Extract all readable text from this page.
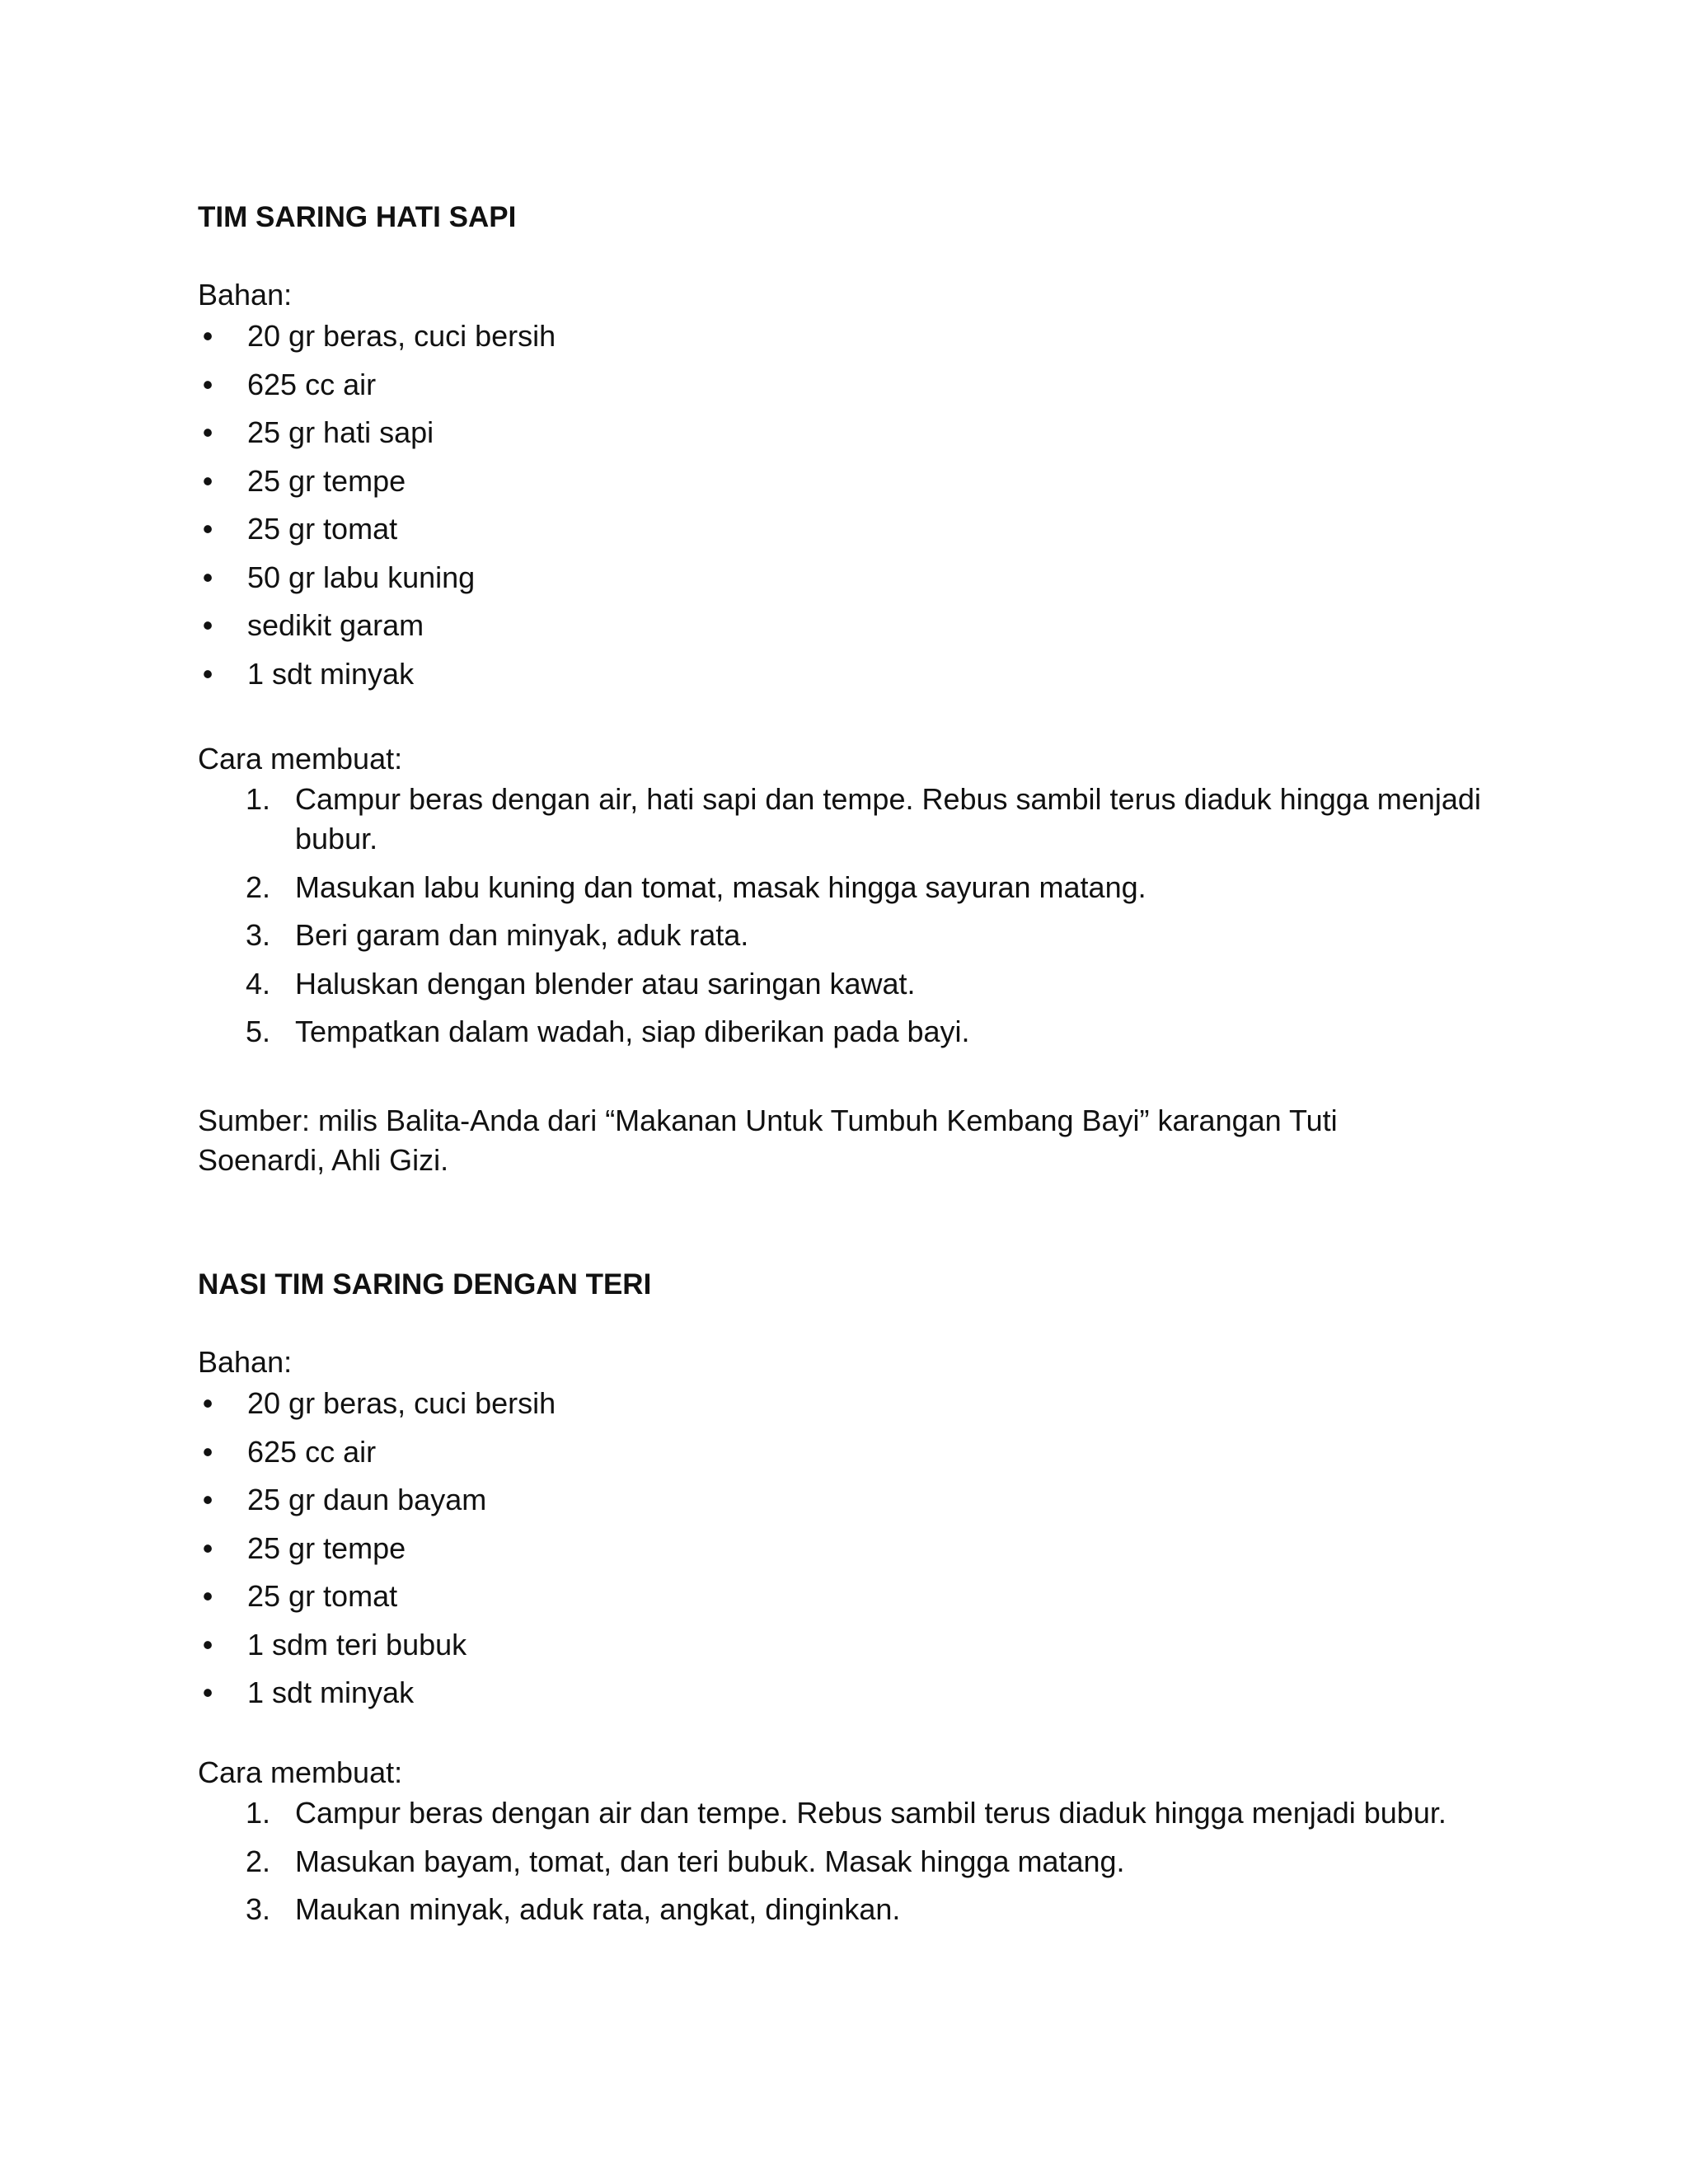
TIM SARING HATI SAPI

Bahan:

• 20 gr beras, cuci bersih
• 625 cc air
• 25 gr hati sapi
• 25 gr tempe
• 25 gr tomat
• 50 gr labu kuning
• sedikit garam
• 1 sdt minyak

Cara membuat:

1. Campur beras dengan air, hati sapi dan tempe. Rebus sambil terus diaduk hingga menjadi bubur.
2. Masukan labu kuning dan tomat, masak hingga sayuran matang.
3. Beri garam dan minyak, aduk rata.
4. Haluskan dengan blender atau saringan kawat.
5. Tempatkan dalam wadah, siap diberikan pada bayi.

Sumber: milis Balita-Anda dari “Makanan Untuk Tumbuh Kembang Bayi” karangan Tuti Soenardi, Ahli Gizi.

NASI TIM SARING DENGAN TERI

Bahan:

• 20 gr beras, cuci bersih
• 625 cc air
• 25 gr daun bayam
• 25 gr tempe
• 25 gr tomat
• 1 sdm teri bubuk
• 1 sdt minyak

Cara membuat:

1. Campur beras dengan air dan tempe. Rebus sambil terus diaduk hingga menjadi bubur.
2. Masukan bayam, tomat, dan teri bubuk. Masak hingga matang.
3. Maukan minyak, aduk rata, angkat, dinginkan.
